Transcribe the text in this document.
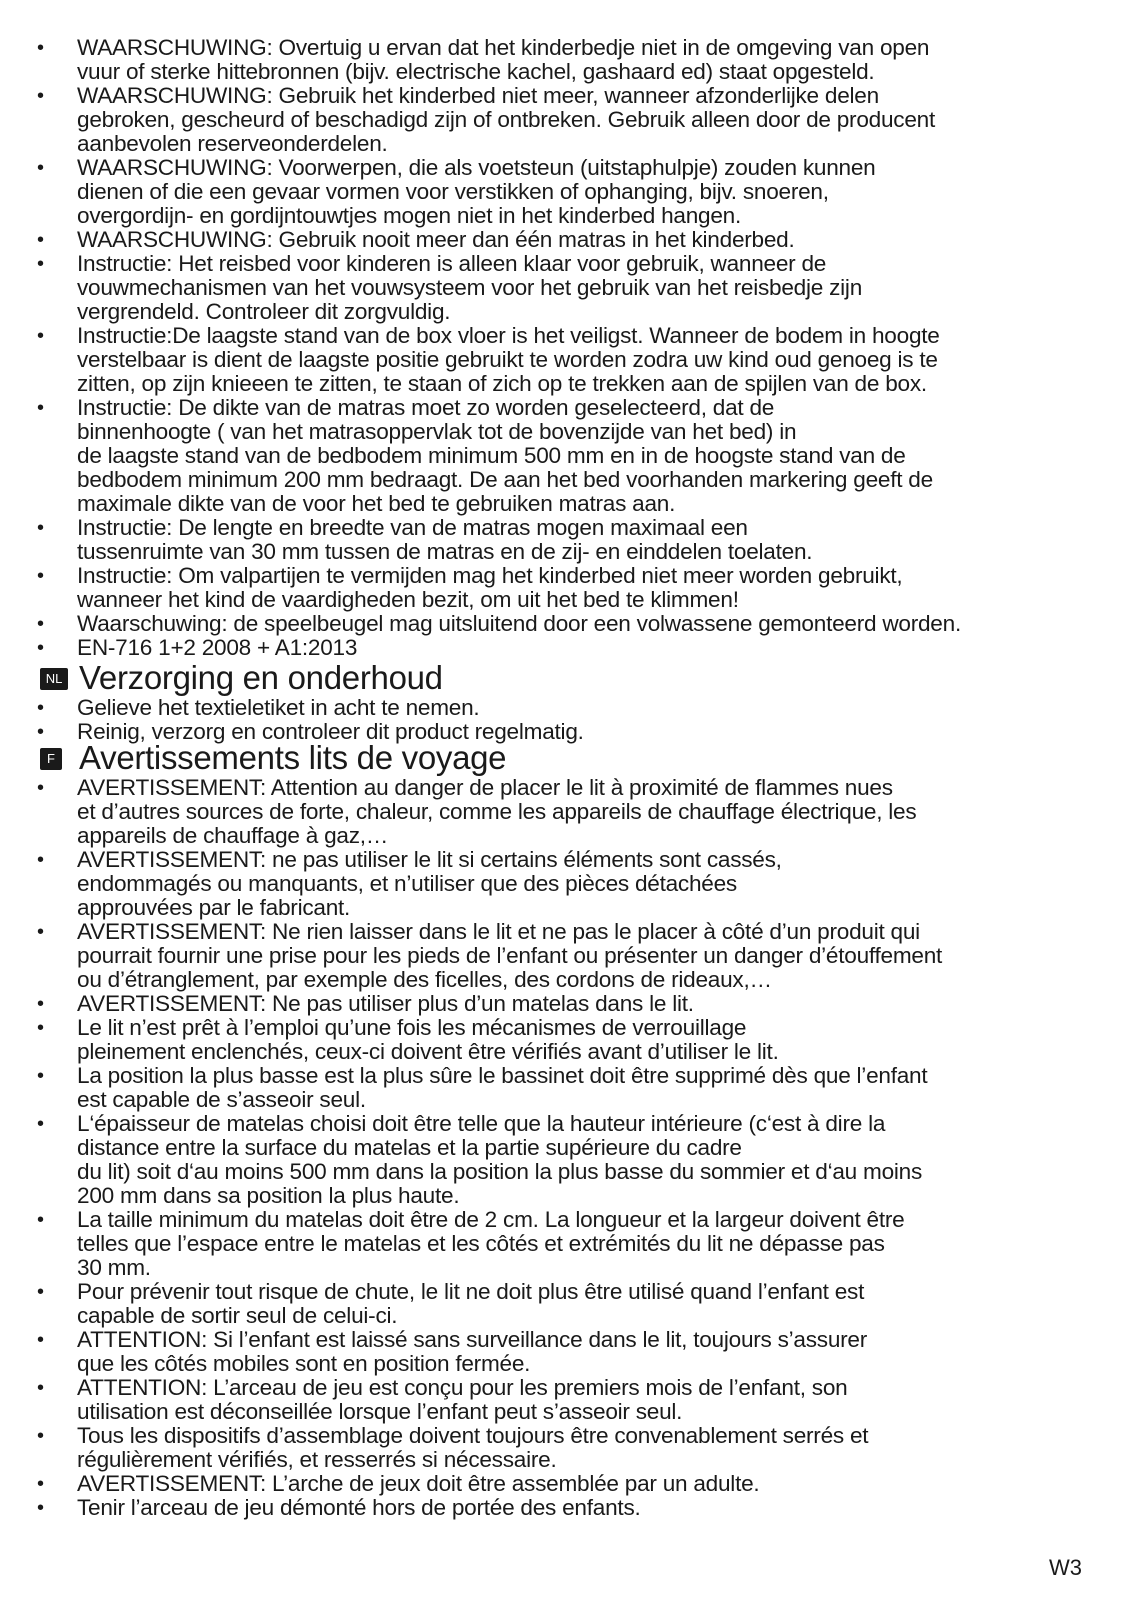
• WAARSCHUWING: Overtuig u ervan dat het kinderbedje niet in de omgeving van open
vuur of sterke hittebronnen (bijv. electrische kachel, gashaard ed) staat opgesteld.
• WAARSCHUWING: Gebruik het kinderbed niet meer, wanneer afzonderlijke delen
gebroken, gescheurd of beschadigd zijn of ontbreken. Gebruik alleen door de producent
aanbevolen reserveonderdelen.
• WAARSCHUWING: Voorwerpen, die als voetsteun (uitstaphulpje) zouden kunnen
dienen of die een gevaar vormen voor verstikken of ophanging, bijv. snoeren,
overgordijn- en gordijntouwtjes mogen niet in het kinderbed hangen.
• WAARSCHUWING: Gebruik nooit meer dan één matras in het kinderbed.
• Instructie: Het reisbed voor kinderen is alleen klaar voor gebruik, wanneer de
vouwmechanismen van het vouwsysteem voor het gebruik van het reisbedje zijn
vergrendeld. Controleer dit zorgvuldig.
• Instructie:De laagste stand van de box vloer is het veiligst. Wanneer de bodem in hoogte
verstelbaar is dient de laagste positie gebruikt te worden zodra uw kind oud genoeg is te
zitten, op zijn knieeen te zitten, te staan of zich op te trekken aan de spijlen van de box.
• Instructie: De dikte van de matras moet zo worden geselecteerd, dat de
binnenhoogte ( van het matrasoppervlak tot de bovenzijde van het bed) in
de laagste stand van de bedbodem minimum 500 mm en in de hoogste stand van de
bedbodem minimum 200 mm bedraagt. De aan het bed voorhanden markering geeft de
maximale dikte van de voor het bed te gebruiken matras aan.
• Instructie: De lengte en breedte van de matras mogen maximaal een
tussenruimte van 30 mm tussen de matras en de zij- en einddelen toelaten.
• Instructie: Om valpartijen te vermijden mag het kinderbed niet meer worden gebruikt,
wanneer het kind de vaardigheden bezit, om uit het bed te klimmen!
• Waarschuwing: de speelbeugel mag uitsluitend door een volwassene gemonteerd worden.
• EN-716 1+2 2008 + A1:2013
NL Verzorging en onderhoud
• Gelieve het textieletiket in acht te nemen.
• Reinig, verzorg en controleer dit product regelmatig.
F Avertissements lits de voyage
• AVERTISSEMENT: Attention au danger de placer le lit à proximité de flammes nues
et d’autres sources de forte, chaleur, comme les appareils de chauffage électrique, les
appareils de chauffage à gaz,…
• AVERTISSEMENT: ne pas utiliser le lit si certains éléments sont cassés,
endommagés ou manquants, et n’utiliser que des pièces détachées
approuvées par le fabricant.
• AVERTISSEMENT: Ne rien laisser dans le lit et ne pas le placer à côté d’un produit qui
pourrait fournir une prise pour les pieds de l’enfant ou présenter un danger d’étouffement
ou d’étranglement, par exemple des ficelles, des cordons de rideaux,…
• AVERTISSEMENT: Ne pas utiliser plus d’un matelas dans le lit.
• Le lit n’est prêt à l’emploi qu’une fois les mécanismes de verrouillage
pleinement enclenchés, ceux-ci doivent être vérifiés avant d’utiliser le lit.
• La position la plus basse est la plus sûre le bassinet doit être supprimé dès que l’enfant
est capable de s’asseoir seul.
• L‘épaisseur de matelas choisi doit être telle que la hauteur intérieure (c‘est à dire la
distance entre la surface du matelas et la partie supérieure du cadre
du lit) soit d‘au moins 500 mm dans la position la plus basse du sommier et d‘au moins
200 mm dans sa position la plus haute.
• La taille minimum du matelas doit être de 2 cm. La longueur et la largeur doivent être
telles que l’espace entre le matelas et les côtés et extrémités du lit ne dépasse pas
30 mm.
• Pour prévenir tout risque de chute, le lit ne doit plus être utilisé quand l’enfant est
capable de sortir seul de celui-ci.
• ATTENTION: Si l’enfant est laissé sans surveillance dans le lit, toujours s’assurer
que les côtés mobiles sont en position fermée.
• ATTENTION: L’arceau de jeu est conçu pour les premiers mois de l’enfant, son
utilisation est déconseillée lorsque l’enfant peut s’asseoir seul.
• Tous les dispositifs d’assemblage doivent toujours être convenablement serrés et
régulièrement vérifiés, et resserrés si nécessaire.
• AVERTISSEMENT: L’arche de jeux doit être assemblée par un adulte.
• Tenir l’arceau de jeu démonté hors de portée des enfants.
W3
